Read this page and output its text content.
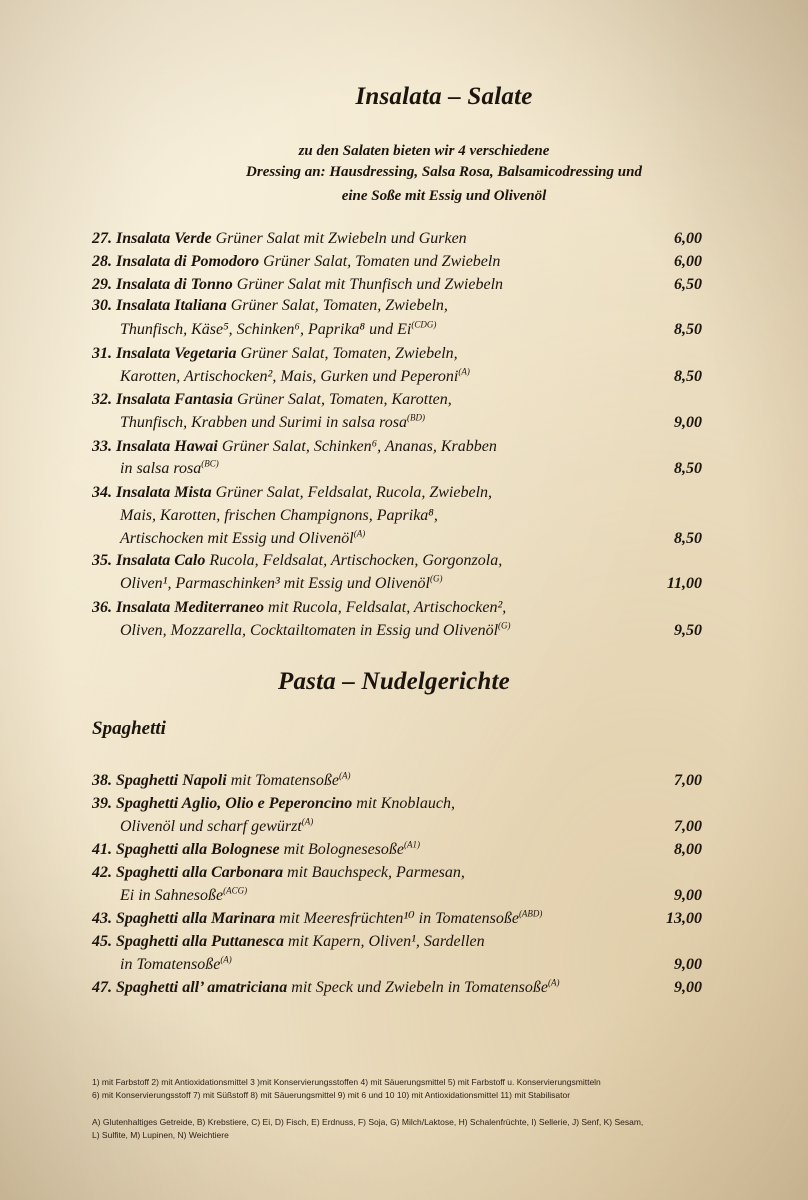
Insalata – Salate
zu den Salaten bieten wir 4 verschiedene
Dressing an: Hausdressing, Salsa Rosa, Balsamicodressing und
eine Soße mit Essig und Olivenöl
27. Insalata Verde Grüner Salat mit Zwiebeln und Gurken	6,00
28. Insalata di Pomodoro Grüner Salat, Tomaten und Zwiebeln	6,00
29. Insalata di Tonno Grüner Salat mit Thunfisch und Zwiebeln	6,50
30. Insalata Italiana Grüner Salat, Tomaten, Zwiebeln,
Thunfisch, Käse⁵, Schinken⁶, Paprika⁸ und $Ei^{(CDG)}$	8,50
31. Insalata Vegetaria Grüner Salat, Tomaten, Zwiebeln,
Karotten, Artischocken², Mais, Gurken und Peperoni$^{(A)}$	8,50
32. Insalata Fantasia Grüner Salat, Tomaten, Karotten,
Thunfisch, Krabben und Surimi in salsa rosa$^{(BD)}$	9,00
33. Insalata Hawai Grüner Salat, Schinken⁶, Ananas, Krabben
in salsa rosa$^{(BC)}$	8,50
34. Insalata Mista Grüner Salat, Feldsalat, Rucola, Zwiebeln,
Mais, Karotten, frischen Champignons, Paprika⁸,
Artischocken mit Essig und Olivenöl$^{(A)}$	8,50
35. Insalata Calo Rucola, Feldsalat, Artischocken, Gorgonzola,
Oliven¹, Parmaschinken³ mit Essig und Olivenöl$^{(G)}$	11,00
36. Insalata Mediterraneo mit Rucola, Feldsalat, Artischocken²,
Oliven, Mozzarella, Cocktailtomaten in Essig und Olivenöl$^{(G)}$	9,50
Pasta – Nudelgerichte
Spaghetti
38. Spaghetti Napoli mit Tomatensoße$^{(A)}$	7,00
39. Spaghetti Aglio, Olio e Peperoncino mit Knoblauch,
Olivenöl und scharf gewürzt$^{(A)}$	7,00
41. Spaghetti alla Bolognese mit Bolognesesoße$^{(A1)}$	8,00
42. Spaghetti alla Carbonara mit Bauchspeck, Parmesan,
Ei in Sahnesoße$^{(ACG)}$	9,00
43. Spaghetti alla Marinara mit Meeresfrüchten¹⁰ in Tomatensoße$^{(ABD)}$	13,00
45. Spaghetti alla Puttanesca mit Kapern, Oliven¹, Sardellen
in Tomatensoße$^{(A)}$	9,00
47. Spaghetti all’ amatriciana mit Speck und Zwiebeln in Tomatensoße$^{(A)}$	9,00
1) mit Farbstoff 2) mit Antioxidationsmittel 3 )mit Konservierungsstoffen 4) mit Säuerungsmittel 5) mit Farbstoff u. Konservierungsmitteln
6) mit Konservierungsstoff 7) mit Süßstoff 8) mit Säuerungsmittel 9) mit 6 und 10 10) mit Antioxidationsmittel 11) mit Stabilisator
A) Glutenhaltiges Getreide, B) Krebstiere, C) Ei, D) Fisch, E) Erdnuss, F) Soja, G) Milch/Laktose, H) Schalenfrüchte, I) Sellerie, J) Senf, K) Sesam,
L) Sulfite, M) Lupinen, N) Weichtiere
